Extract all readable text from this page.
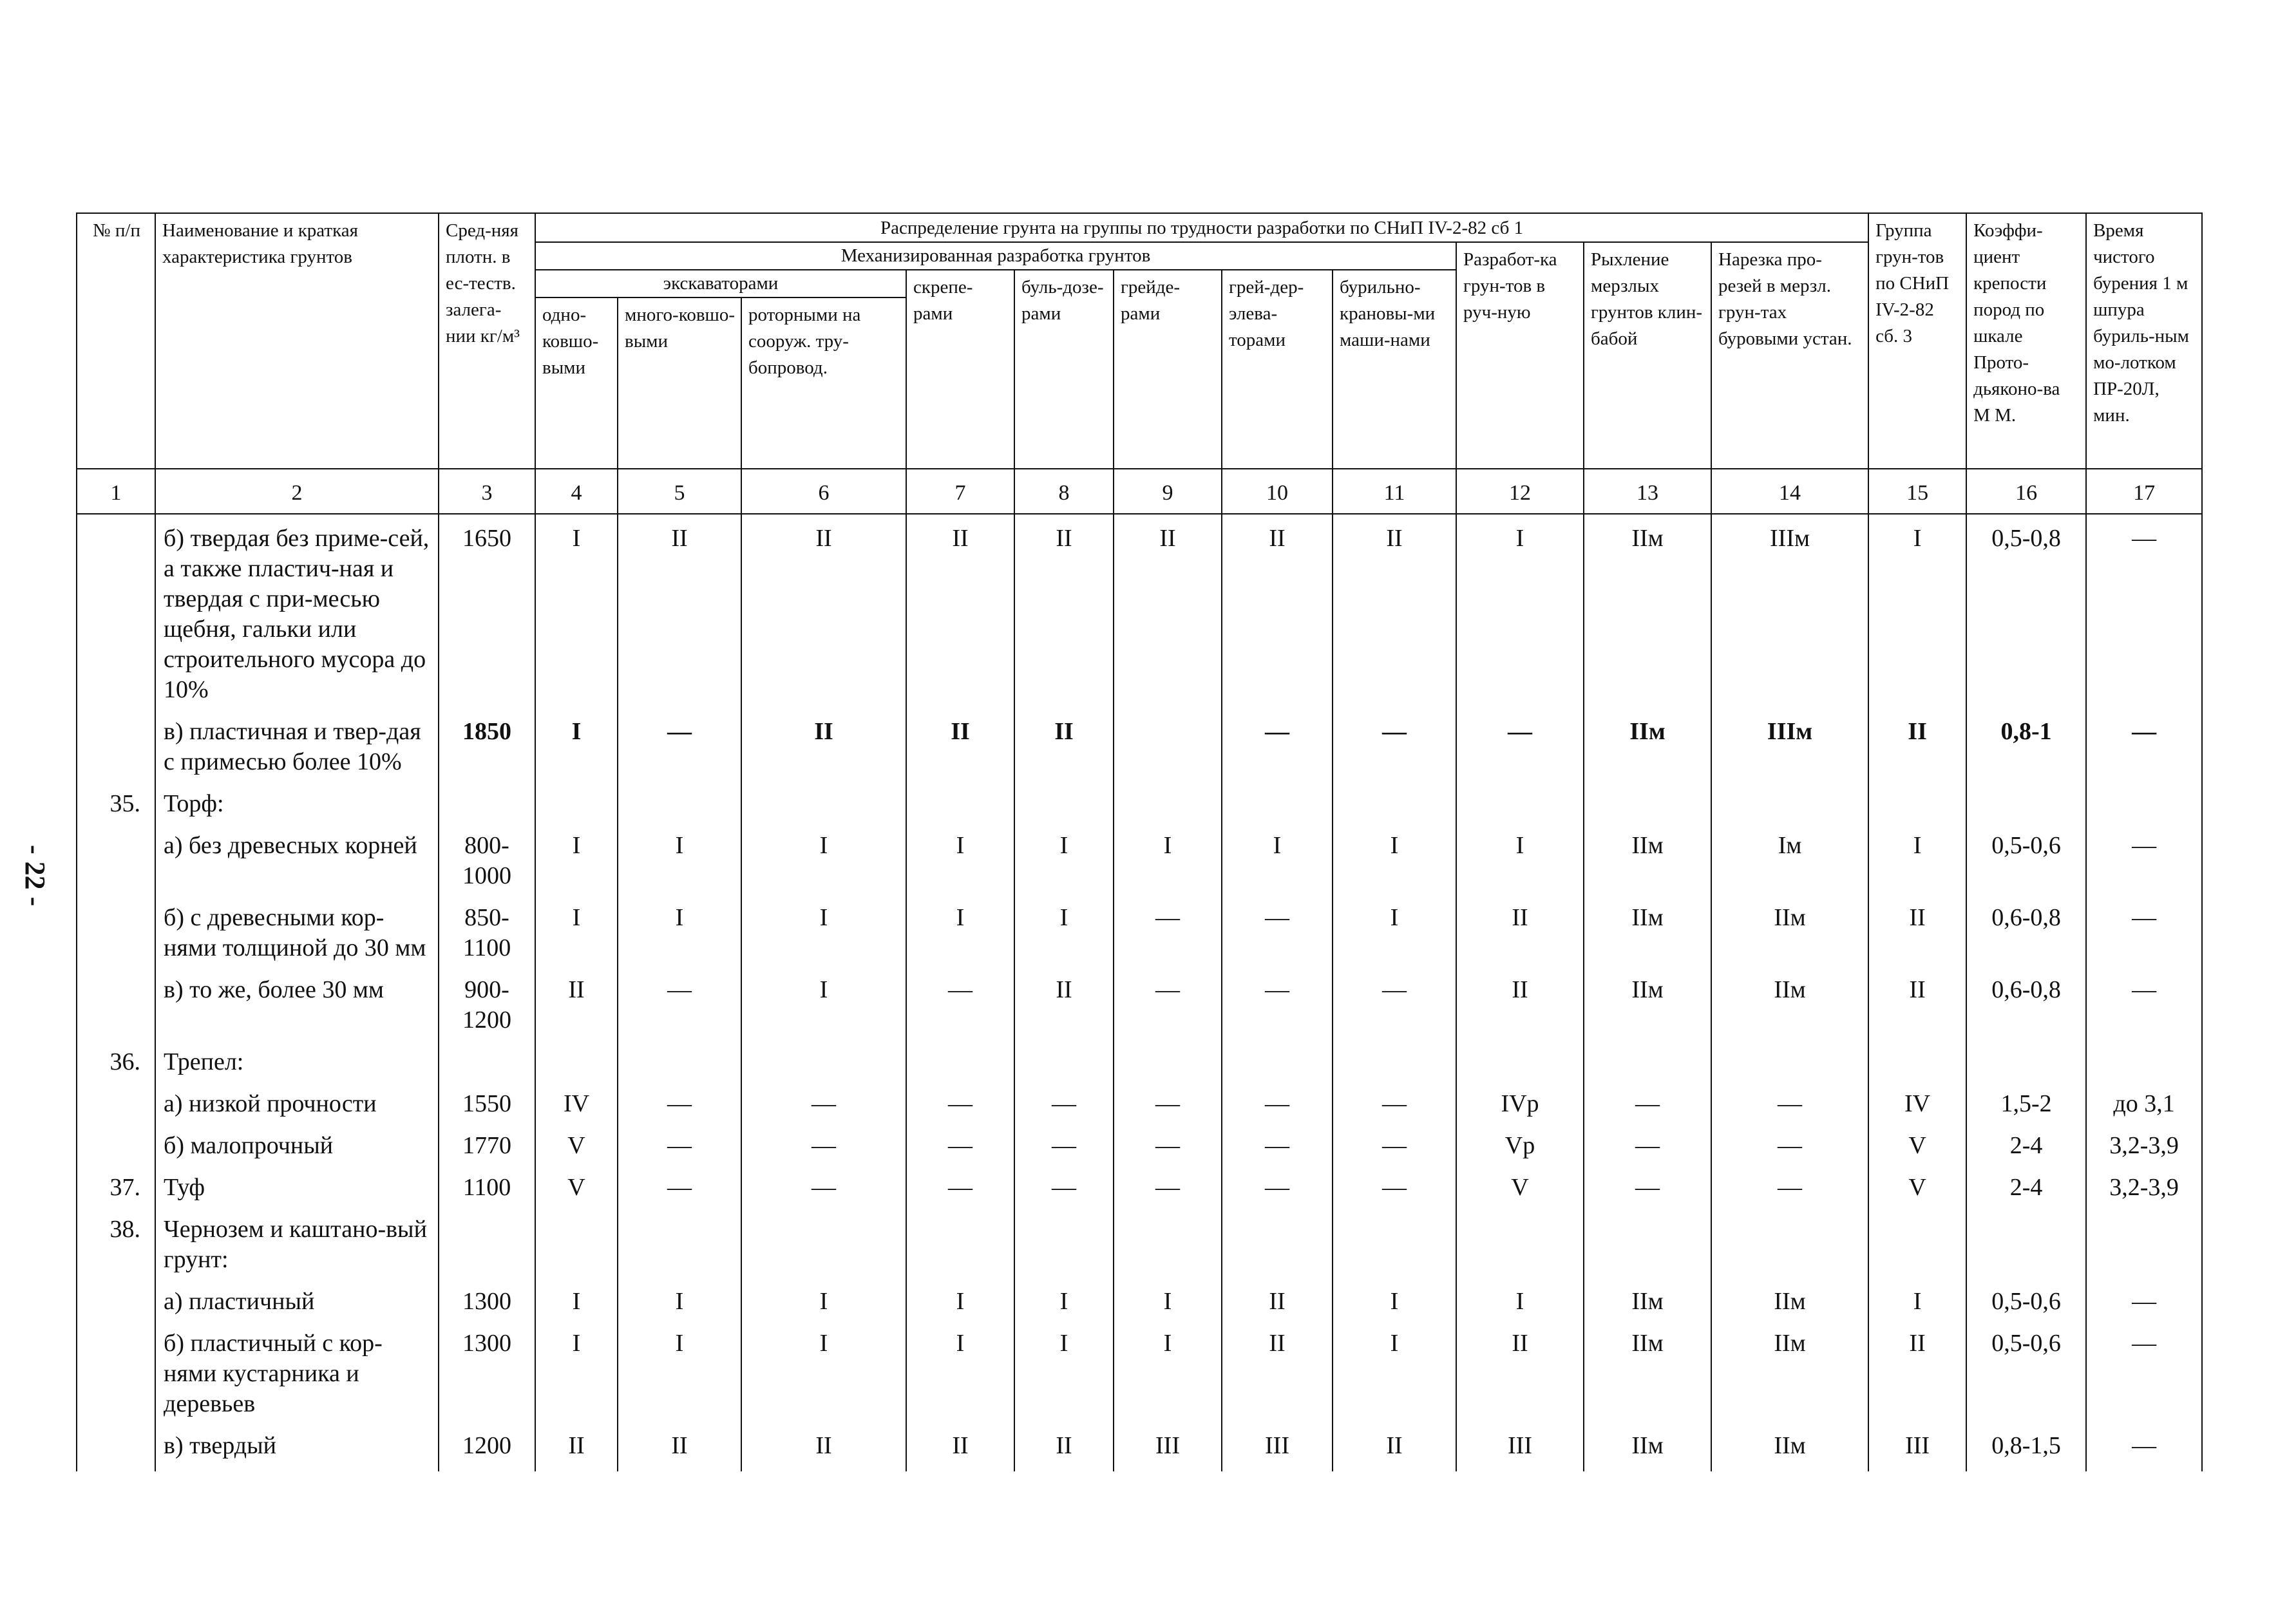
- 22 -
№ п/п	Наименование и краткая характеристика грунтов	Сред-няя плотн. в ес-теств. залега-нии кг/м³	Распределение грунта на группы по трудности разработки по СНиП IV-2-82 сб 1											Группа грун-тов по СНиП IV-2-82 сб. 3	Коэффи-циент крепости пород по шкале Прото-дьяконо-ва М М.	Время чистого бурения 1 м шпура буриль-ным мо-лотком ПР-20Л, мин.
			Механизированная разработка грунтов								Разработ-ка грун-тов в руч-ную	Рыхление мерзлых грунтов клин-бабой	Нарезка про-резей в мерзл. грун-тах буровыми устан.			
			экскаваторами			скрепе-рами	буль-дозе-рами	грейде-рами	грей-дер-элева-торами	бурильно-крановы-ми маши-нами						
			одно-ковшо-выми	много-ковшо-выми	роторными на сооруж. тру-бопровод.											
1	2	3	4	5	6	7	8	9	10	11	12	13	14	15	16	17
	б) твердая без приме-сей, а также пластич-ная и твердая с при-месью щебня, гальки или строительного мусора до 10%	1650	I	II	II	II	II	II	II	II	I	IIм	IIIм	I	0,5-0,8	—
	в) пластичная и твер-дая с примесью более 10%	1850	I	—	II	II	II		—	—	—	IIм	IIIм	II	0,8-1	—
35.	Торф:															
	а) без древесных корней	800-1000	I	I	I	I	I	I	I	I	I	IIм	Iм	I	0,5-0,6	—
	б) с древесными кор-нями толщиной до 30 мм	850-1100	I	I	I	I	I	—	—	I	II	IIм	IIм	II	0,6-0,8	—
	в) то же, более 30 мм	900-1200	II	—	I	—	II	—	—	—	II	IIм	IIм	II	0,6-0,8	—
36.	Трепел:															
	а) низкой прочности	1550	IV	—	—	—	—	—	—	—	IVр	—	—	IV	1,5-2	до 3,1
	б) малопрочный	1770	V	—	—	—	—	—	—	—	Vр	—	—	V	2-4	3,2-3,9
37.	Туф	1100	V	—	—	—	—	—	—	—	V	—	—	V	2-4	3,2-3,9
38.	Чернозем и каштано-вый грунт:															
	а) пластичный	1300	I	I	I	I	I	I	II	I	I	IIм	IIм	I	0,5-0,6	—
	б) пластичный с кор-нями кустарника и деревьев	1300	I	I	I	I	I	I	II	I	II	IIм	IIм	II	0,5-0,6	—
	в) твердый	1200	II	II	II	II	II	III	III	II	III	IIм	IIм	III	0,8-1,5	—
